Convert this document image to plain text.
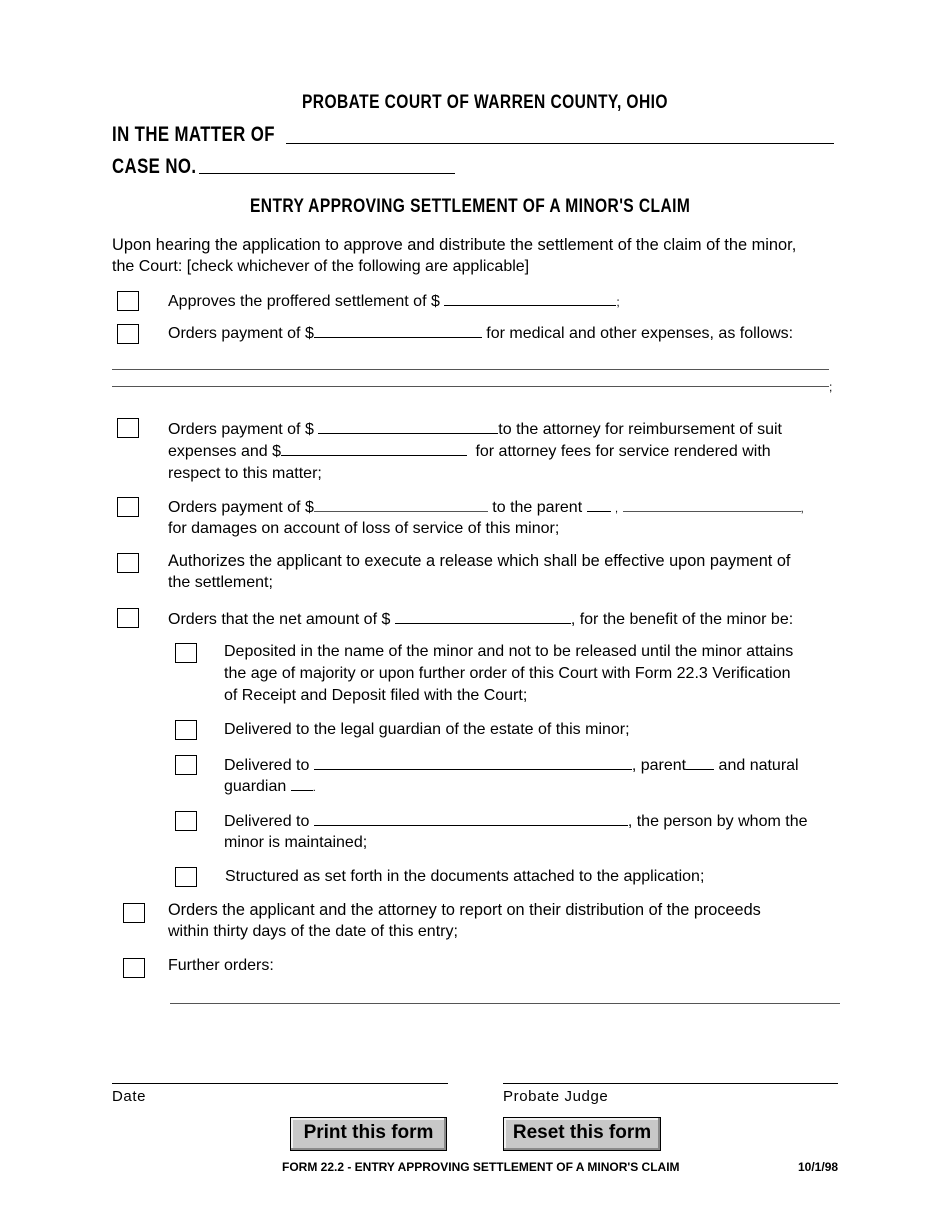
PROBATE COURT OF WARREN COUNTY, OHIO
IN THE MATTER OF
CASE NO.
ENTRY APPROVING SETTLEMENT OF A MINOR'S CLAIM
Upon hearing the application to approve and distribute the settlement of the claim of the minor,
the Court: [check whichever of the following are applicable]
Approves the proffered settlement of $	;
Orders payment of $	for medical and other expenses, as follows:
;
Orders payment of $	to the attorney for reimbursement of suit
expenses and $	for attorney fees for service rendered with
respect to this matter;
Orders payment of $	to the parent	,	,
for damages on account of loss of service of this minor;
Authorizes the applicant to execute a release which shall be effective upon payment of
the settlement;
Orders that the net amount of $	, for the benefit of the minor be:
Deposited in the name of the minor and not to be released until the minor attains
the age of majority or upon further order of this Court with Form 22.3 Verification
of Receipt and Deposit filed with the Court;
Delivered to the legal guardian of the estate of this minor;
Delivered to	, parent and natural
guardian .
Delivered to	, the person by whom the
minor is maintained;
Structured as set forth in the documents attached to the application;
Orders the applicant and the attorney to report on their distribution of the proceeds
within thirty days of the date of this entry;
Further orders:
Date	Probate Judge
Print this form	Reset this form
FORM 22.2 - ENTRY APPROVING SETTLEMENT OF A MINOR'S CLAIM	10/1/98
